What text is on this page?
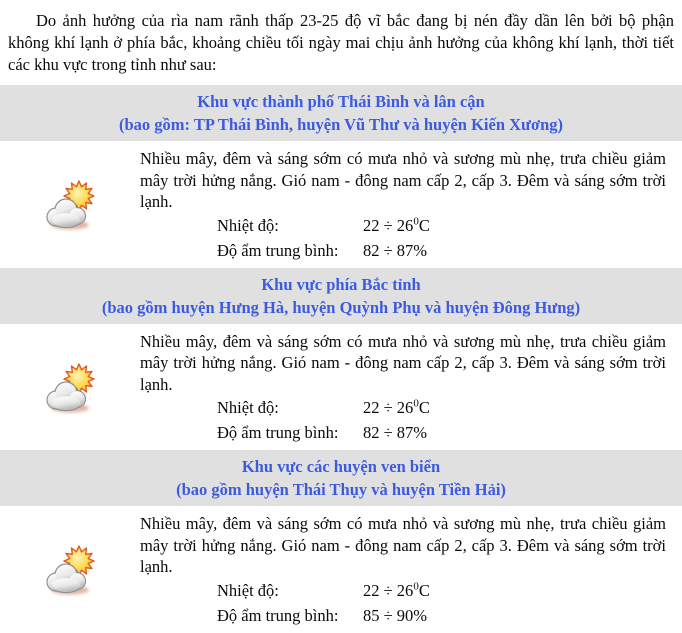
Do ảnh hưởng của rìa nam rãnh thấp 23-25 độ vĩ bắc đang bị nén đầy dần lên bởi bộ phận không khí lạnh ở phía bắc, khoảng chiều tối ngày mai chịu ảnh hưởng của không khí lạnh, thời tiết các khu vực trong tỉnh như sau:

Khu vực thành phố Thái Bình và lân cận
(bao gồm: TP Thái Bình, huyện Vũ Thư và huyện Kiến Xương)

Nhiều mây, đêm và sáng sớm có mưa nhỏ và sương mù nhẹ, trưa chiều giảm mây trời hửng nắng. Gió nam - đông nam cấp 2, cấp 3. Đêm và sáng sớm trời lạnh.

Nhiệt độ:	$22 \div 26^0C$
Độ ẩm trung bình:	82 ÷ 87%
Khu vực phía Bắc tỉnh
(bao gồm huyện Hưng Hà, huyện Quỳnh Phụ và huyện Đông Hưng)

Nhiều mây, đêm và sáng sớm có mưa nhỏ và sương mù nhẹ, trưa chiều giảm mây trời hửng nắng. Gió nam - đông nam cấp 2, cấp 3. Đêm và sáng sớm trời lạnh.

Nhiệt độ:	$22 \div 26^0C$
Độ ẩm trung bình:	82 ÷ 87%
Khu vực các huyện ven biển
(bao gồm huyện Thái Thụy và huyện Tiền Hải)

Nhiều mây, đêm và sáng sớm có mưa nhỏ và sương mù nhẹ, trưa chiều giảm mây trời hửng nắng. Gió nam - đông nam cấp 2, cấp 3. Đêm và sáng sớm trời lạnh.

Nhiệt độ:	$22 \div 26^0C$
Độ ẩm trung bình:	85 ÷ 90%
